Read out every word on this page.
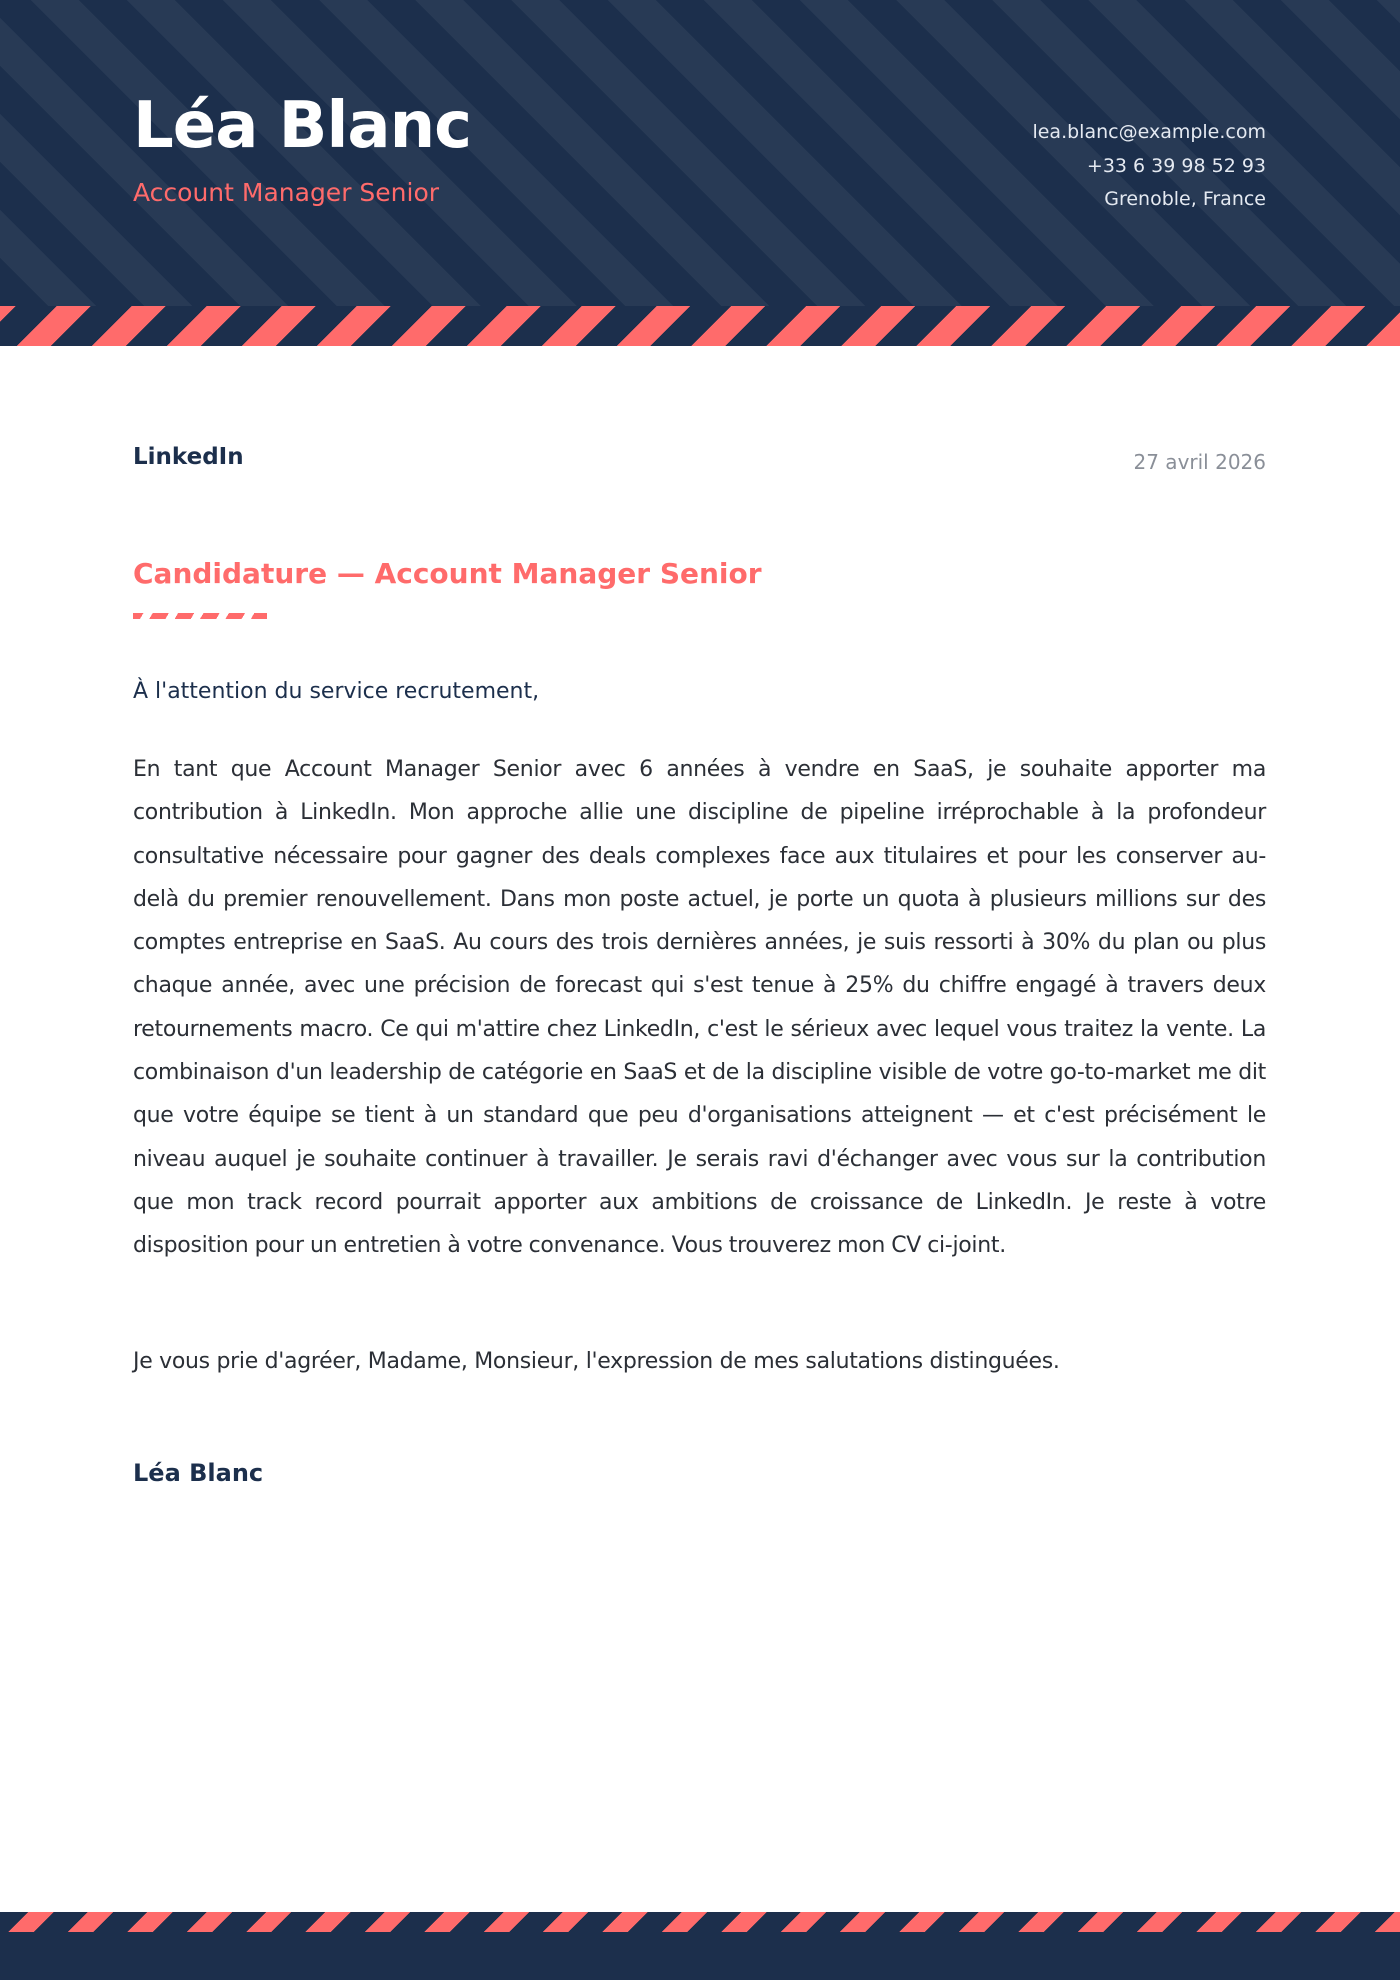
Léa Blanc
Account Manager Senior
lea.blanc@example.com
+33 6 39 98 52 93
Grenoble, France
LinkedIn	27 avril 2026
Candidature — Account Manager Senior
À l'attention du service recrutement,

En tant que Account Manager Senior avec 6 années à vendre en SaaS, je souhaite apporter ma contribution à LinkedIn. Mon approche allie une discipline de pipeline irréprochable à la profondeur consultative nécessaire pour gagner des deals complexes face aux titulaires et pour les conserver au-delà du premier renouvellement. Dans mon poste actuel, je porte un quota à plusieurs millions sur des comptes entreprise en SaaS. Au cours des trois dernières années, je suis ressorti à 30% du plan ou plus chaque année, avec une précision de forecast qui s'est tenue à 25% du chiffre engagé à travers deux retournements macro. Ce qui m'attire chez LinkedIn, c'est le sérieux avec lequel vous traitez la vente. La combinaison d'un leadership de catégorie en SaaS et de la discipline visible de votre go-to-market me dit que votre équipe se tient à un standard que peu d'organisations atteignent — et c'est précisément le niveau auquel je souhaite continuer à travailler. Je serais ravi d'échanger avec vous sur la contribution que mon track record pourrait apporter aux ambitions de croissance de LinkedIn. Je reste à votre disposition pour un entretien à votre convenance. Vous trouverez mon CV ci-joint.

Je vous prie d'agréer, Madame, Monsieur, l'expression de mes salutations distinguées.
Léa Blanc
